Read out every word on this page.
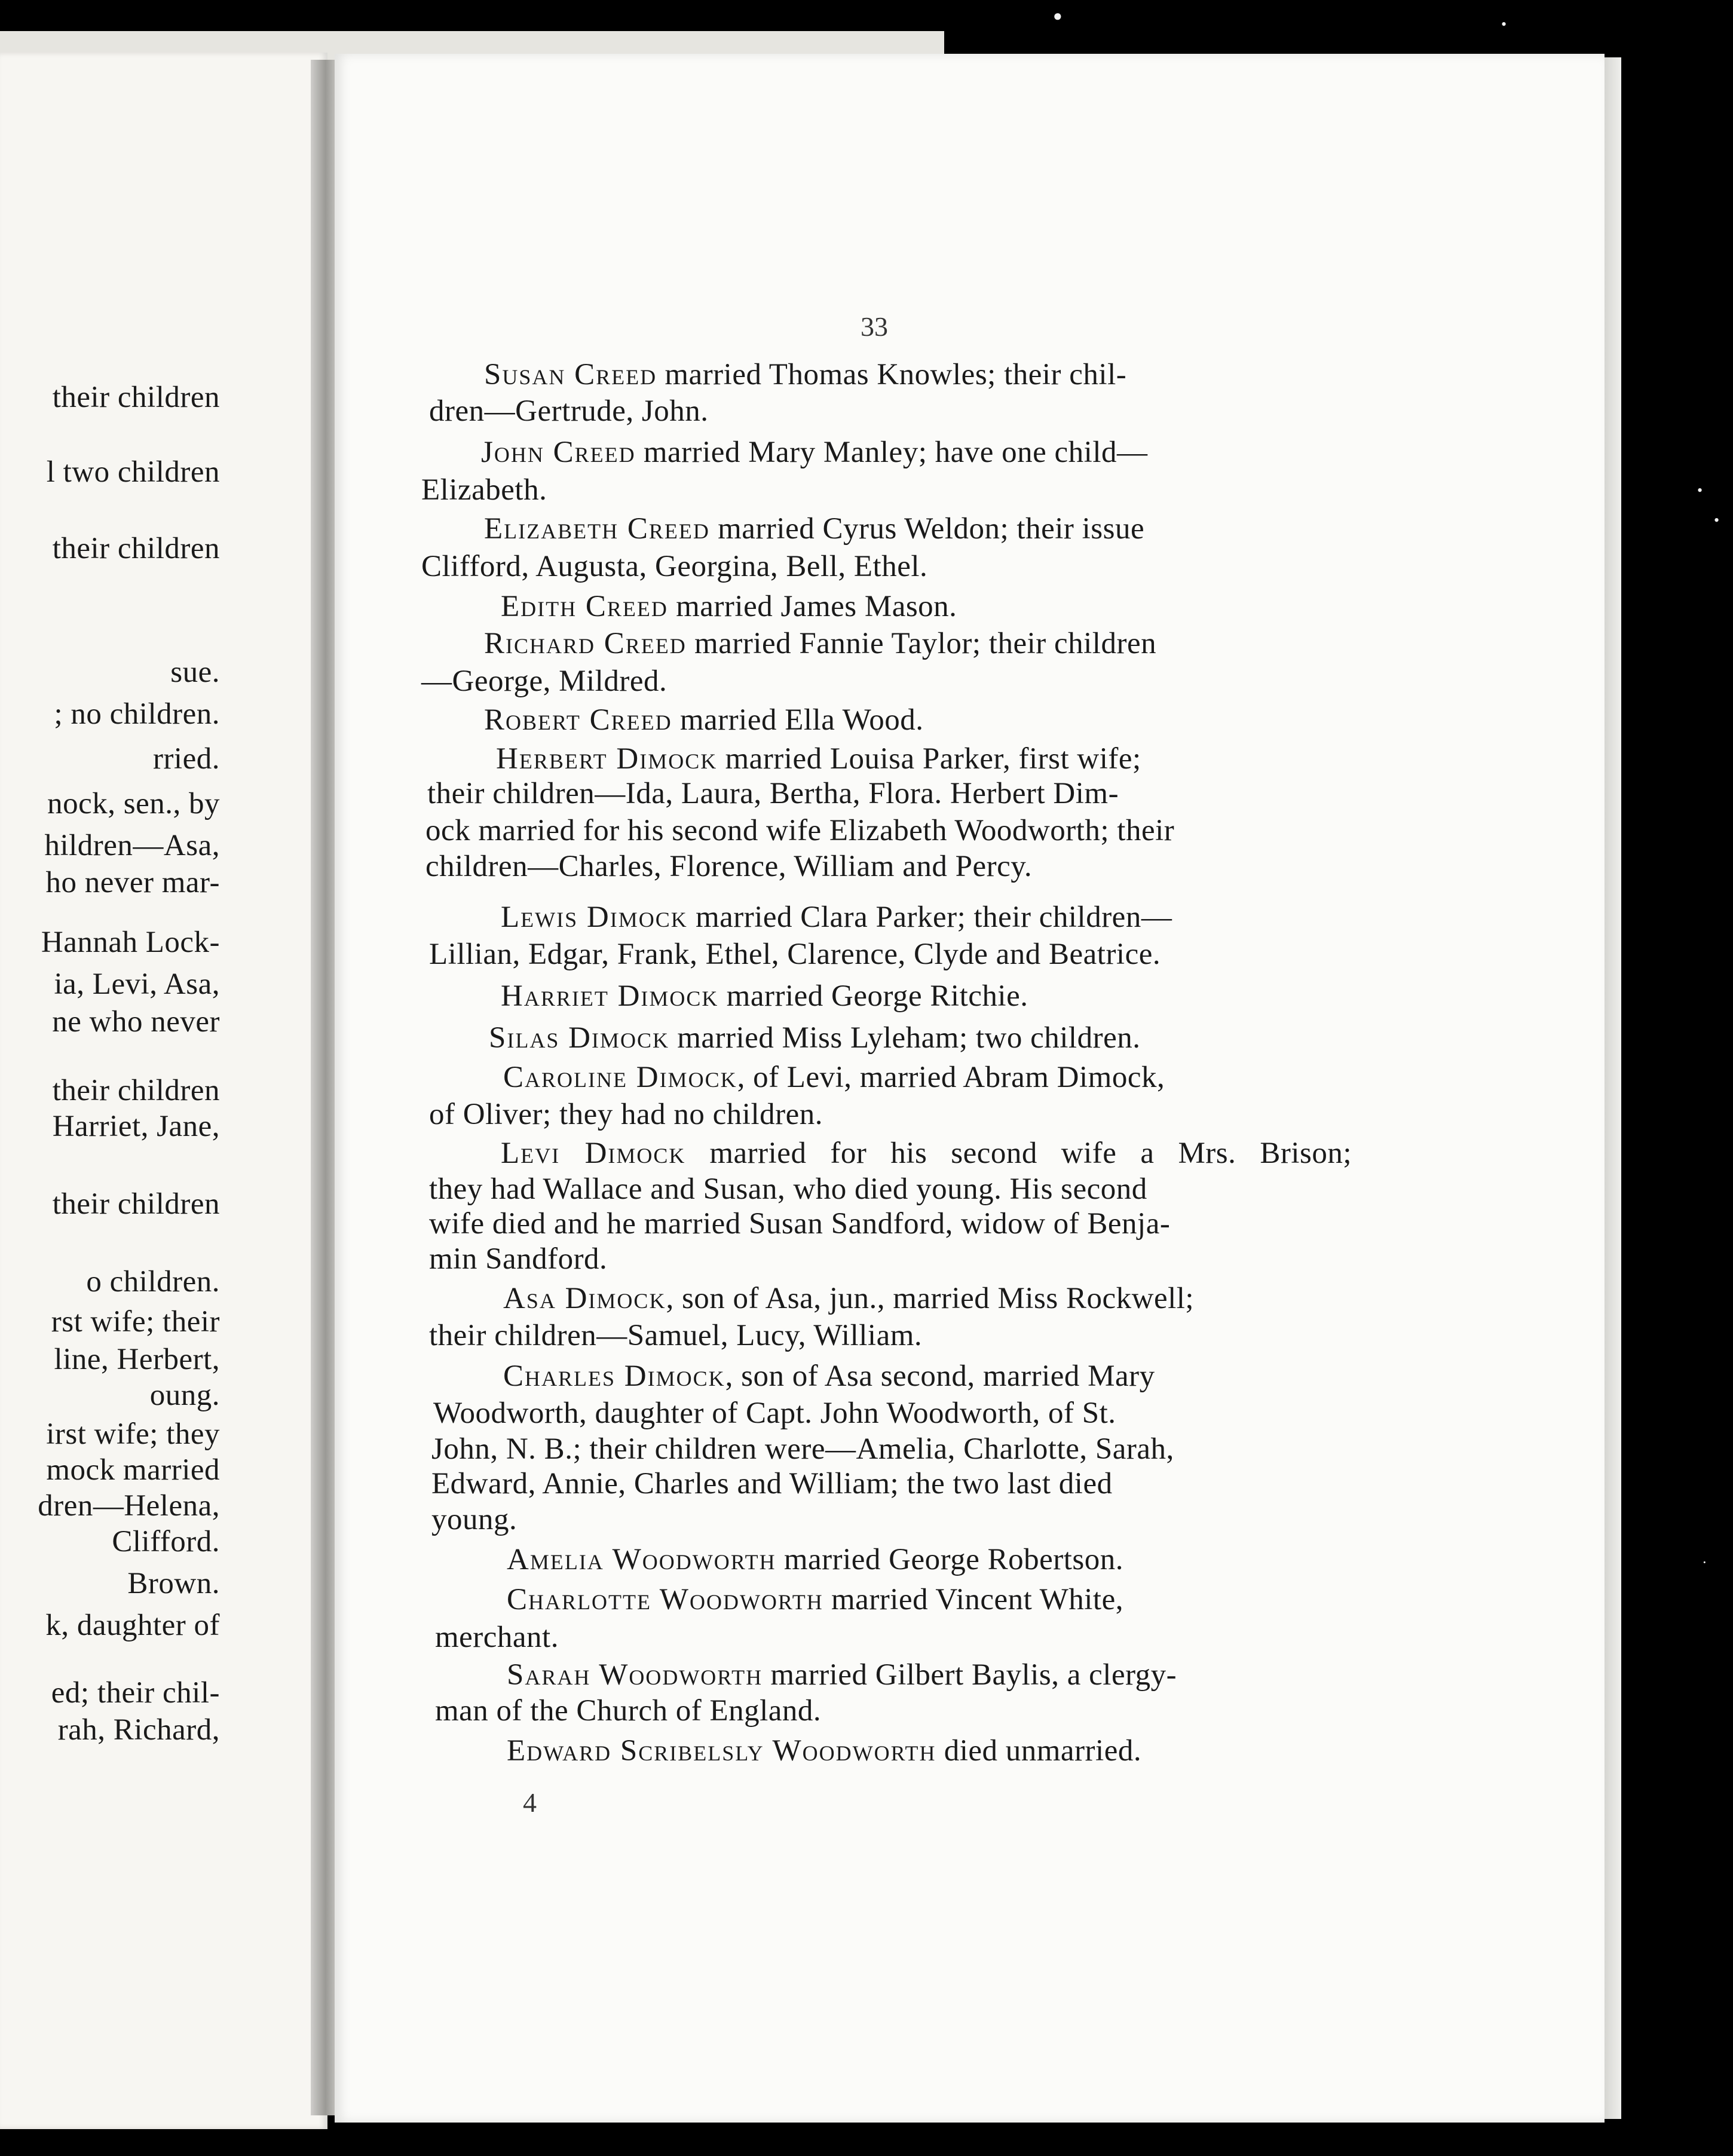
●	•
•
•
·
their children
l two children
their children
sue.
; no children.
rried.
nock, sen., by
hildren—Asa,
ho never mar-
Hannah Lock-
ia, Levi, Asa,
ne who never
their children
Harriet, Jane,
their children
o children.
rst wife; their
line, Herbert,
oung.
irst wife; they
mock married
dren—Helena,
Clifford.
Brown.
k, daughter of
ed; their chil-
rah, Richard,
33
Susan Creed married Thomas Knowles; their chil-
dren—Gertrude, John.
John Creed married Mary Manley; have one child—
Elizabeth.
Elizabeth Creed married Cyrus Weldon; their issue
Clifford, Augusta, Georgina, Bell, Ethel.
Edith Creed married James Mason.
Richard Creed married Fannie Taylor; their children
—George, Mildred.
Robert Creed married Ella Wood.
Herbert Dimock married Louisa Parker, first wife;
their children—Ida, Laura, Bertha, Flora. Herbert Dim-
ock married for his second wife Elizabeth Woodworth; their
children—Charles, Florence, William and Percy.
Lewis Dimock married Clara Parker; their children—
Lillian, Edgar, Frank, Ethel, Clarence, Clyde and Beatrice.
Harriet Dimock married George Ritchie.
Silas Dimock married Miss Lyleham; two children.
Caroline Dimock, of Levi, married Abram Dimock,
of Oliver; they had no children.
Levi Dimock married for his second wife a Mrs. Brison;
they had Wallace and Susan, who died young. His second
wife died and he married Susan Sandford, widow of Benja-
min Sandford.
Asa Dimock, son of Asa, jun., married Miss Rockwell;
their children—Samuel, Lucy, William.
Charles Dimock, son of Asa second, married Mary
Woodworth, daughter of Capt. John Woodworth, of St.
John, N. B.; their children were—Amelia, Charlotte, Sarah,
Edward, Annie, Charles and William; the two last died
young.
Amelia Woodworth married George Robertson.
Charlotte Woodworth married Vincent White,
merchant.
Sarah Woodworth married Gilbert Baylis, a clergy-
man of the Church of England.
Edward Scribelsly Woodworth died unmarried.
4
